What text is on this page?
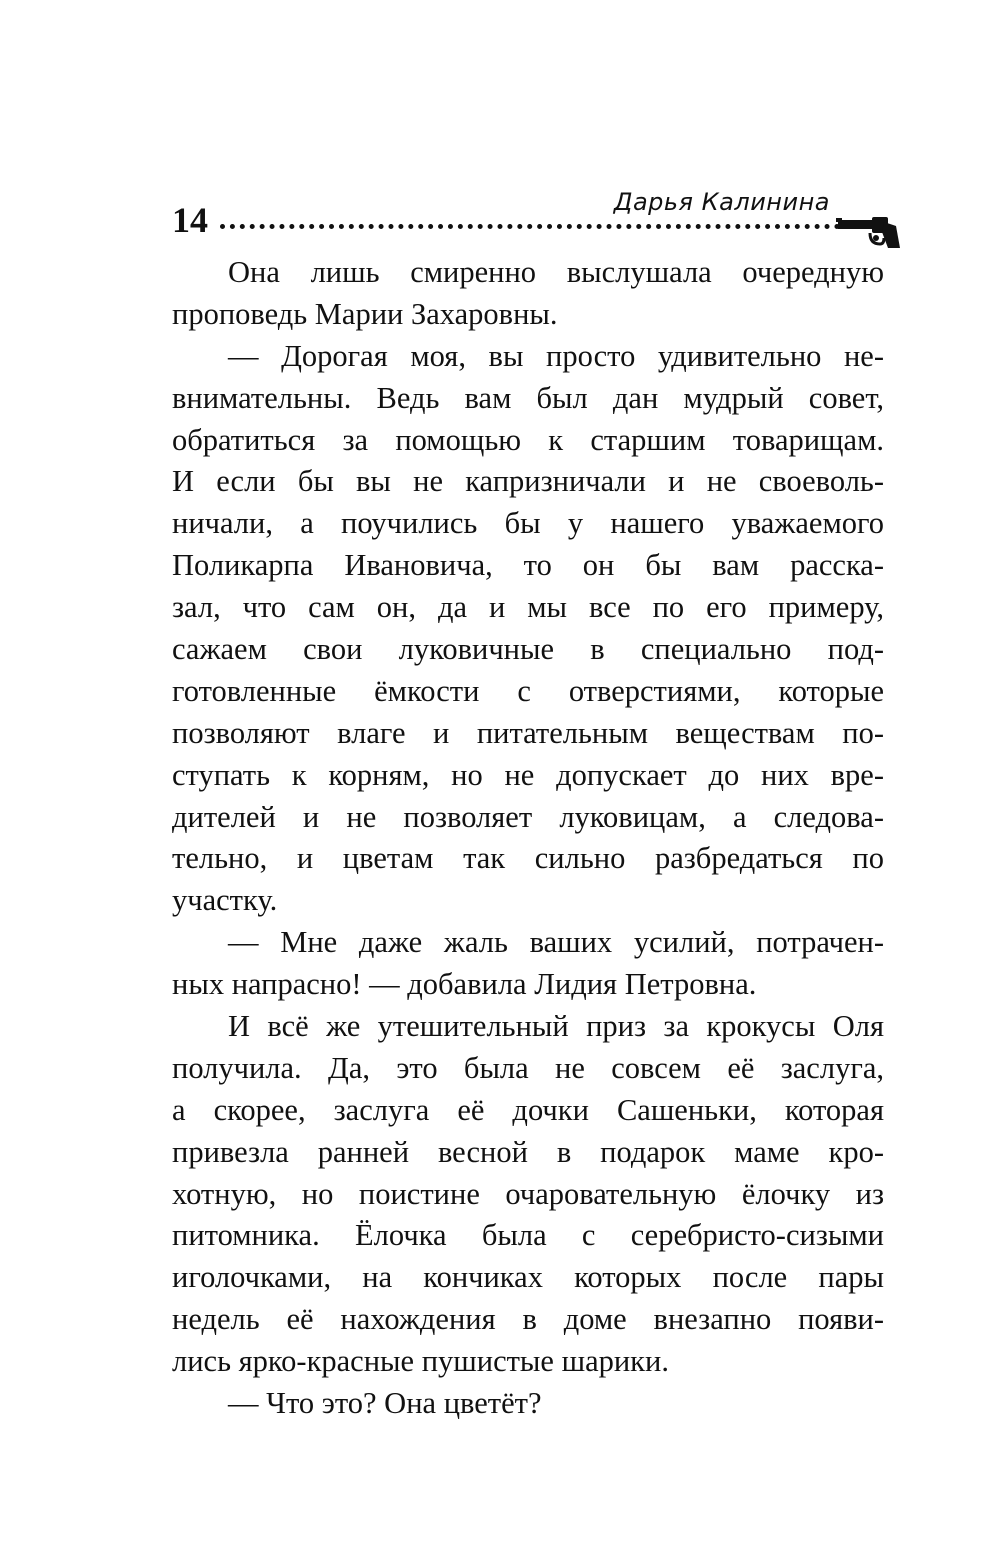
14	Дарья Калинина
Она лишь смиренно выслушала очередную
проповедь Марии Захаровны.
— Дорогая моя, вы просто удивительно не-
внимательны. Ведь вам был дан мудрый совет,
обратиться за помощью к старшим товарищам.
И если бы вы не капризничали и не своеволь-
ничали, а поучились бы у нашего уважаемого
Поликарпа Ивановича, то он бы вам расска-
зал, что сам он, да и мы все по его примеру,
сажаем свои луковичные в специально под-
готовленные ёмкости с отверстиями, которые
позволяют влаге и питательным веществам по-
ступать к корням, но не допускает до них вре-
дителей и не позволяет луковицам, а следова-
тельно, и цветам так сильно разбредаться по
участку.
— Мне даже жаль ваших усилий, потрачен-
ных напрасно! — добавила Лидия Петровна.
И всё же утешительный приз за крокусы Оля
получила. Да, это была не совсем её заслуга,
а скорее, заслуга её дочки Сашеньки, которая
привезла ранней весной в подарок маме кро-
хотную, но поистине очаровательную ёлочку из
питомника. Ёлочка была с серебристо-сизыми
иголочками, на кончиках которых после пары
недель её нахождения в доме внезапно появи-
лись ярко-красные пушистые шарики.
— Что это? Она цветёт?
